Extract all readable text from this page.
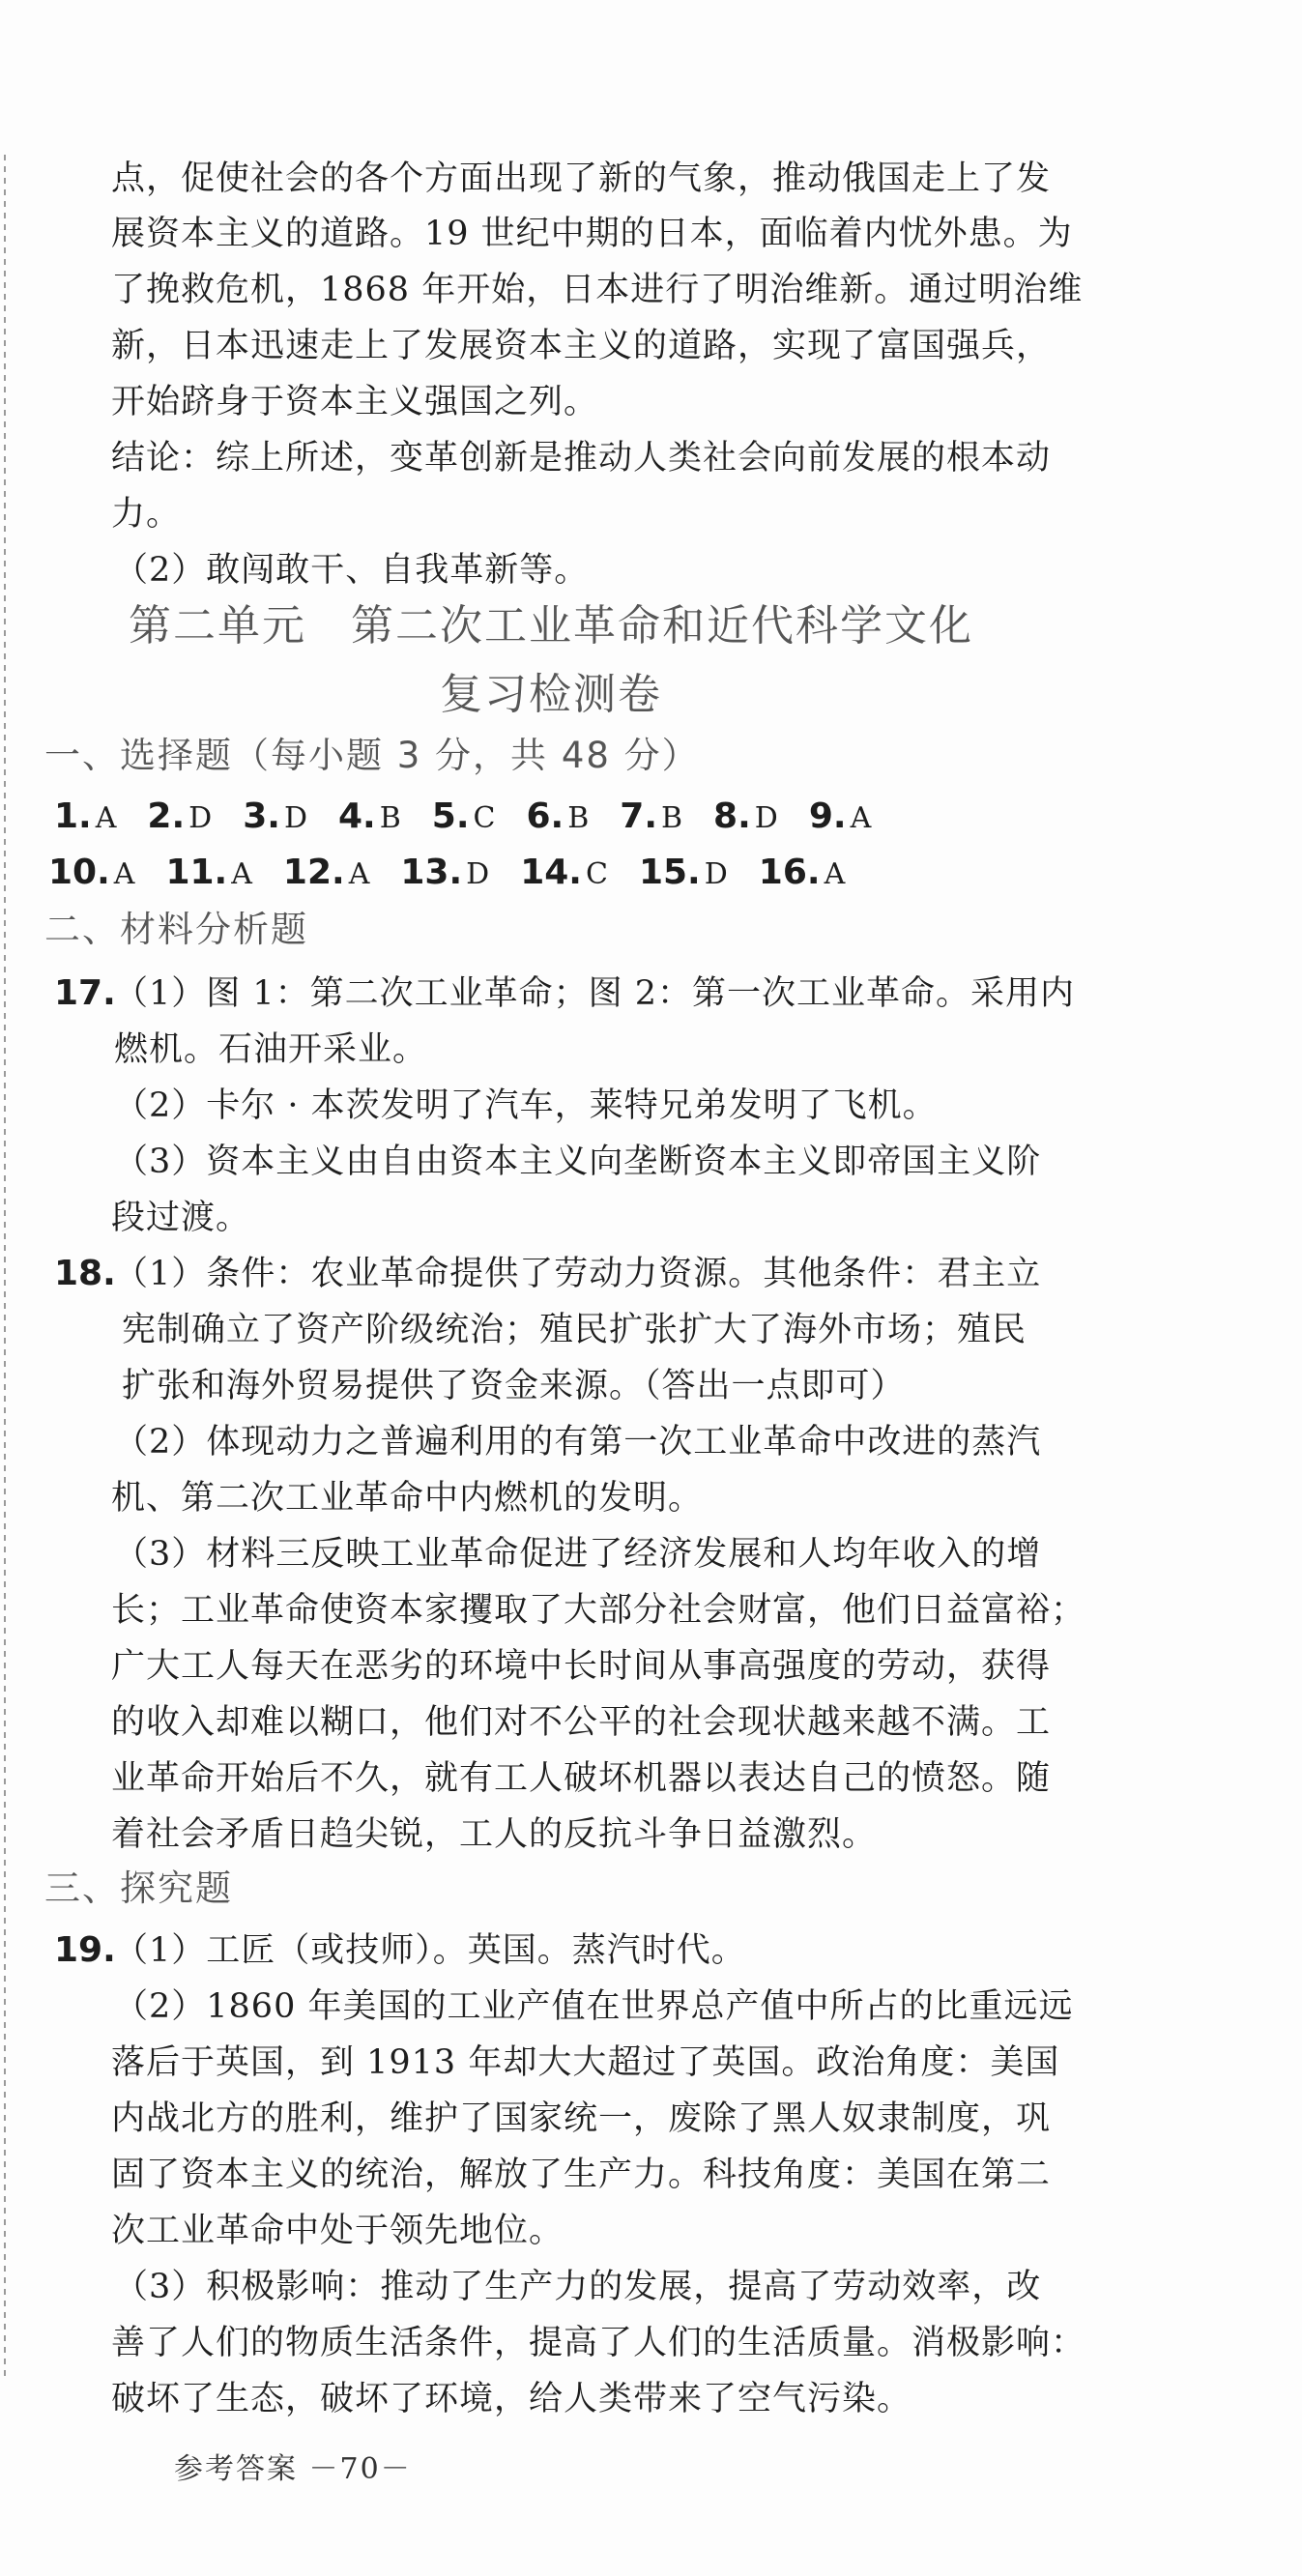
点，促使社会的各个方面出现了新的气象，推动俄国走上了发
展资本主义的道路。19 世纪中期的日本，面临着内忧外患。为
了挽救危机，1868 年开始，日本进行了明治维新。通过明治维
新，日本迅速走上了发展资本主义的道路，实现了富国强兵，
开始跻身于资本主义强国之列。
结论：综上所述，变革创新是推动人类社会向前发展的根本动
力。
（2）敢闯敢干、自我革新等。
第二单元　第二次工业革命和近代科学文化
复习检测卷
一、选择题（每小题 3 分，共 48 分）
1. A 2. D 3. D 4. B 5. C 6. B 7. B 8. D 9. A
10. A 11. A 12. A 13. D 14. C 15. D 16. A
二、材料分析题
17.
（1）图 1：第二次工业革命；图 2：第一次工业革命。采用内
燃机。石油开采业。
（2）卡尔 · 本茨发明了汽车，莱特兄弟发明了飞机。
（3）资本主义由自由资本主义向垄断资本主义即帝国主义阶
段过渡。
18.
（1）条件：农业革命提供了劳动力资源。其他条件：君主立
宪制确立了资产阶级统治；殖民扩张扩大了海外市场；殖民
扩张和海外贸易提供了资金来源。（答出一点即可）
（2）体现动力之普遍利用的有第一次工业革命中改进的蒸汽
机、第二次工业革命中内燃机的发明。
（3）材料三反映工业革命促进了经济发展和人均年收入的增
长；工业革命使资本家攫取了大部分社会财富，他们日益富裕；
广大工人每天在恶劣的环境中长时间从事高强度的劳动，获得
的收入却难以糊口，他们对不公平的社会现状越来越不满。工
业革命开始后不久，就有工人破坏机器以表达自己的愤怒。随
着社会矛盾日趋尖锐，工人的反抗斗争日益激烈。
三、探究题
19.
（1）工匠（或技师）。英国。蒸汽时代。
（2）1860 年美国的工业产值在世界总产值中所占的比重远远
落后于英国，到 1913 年却大大超过了英国。政治角度：美国
内战北方的胜利，维护了国家统一，废除了黑人奴隶制度，巩
固了资本主义的统治，解放了生产力。科技角度：美国在第二
次工业革命中处于领先地位。
（3）积极影响：推动了生产力的发展，提高了劳动效率，改
善了人们的物质生活条件，提高了人们的生活质量。消极影响：
破坏了生态，破坏了环境，给人类带来了空气污染。
参考答案 －70－
